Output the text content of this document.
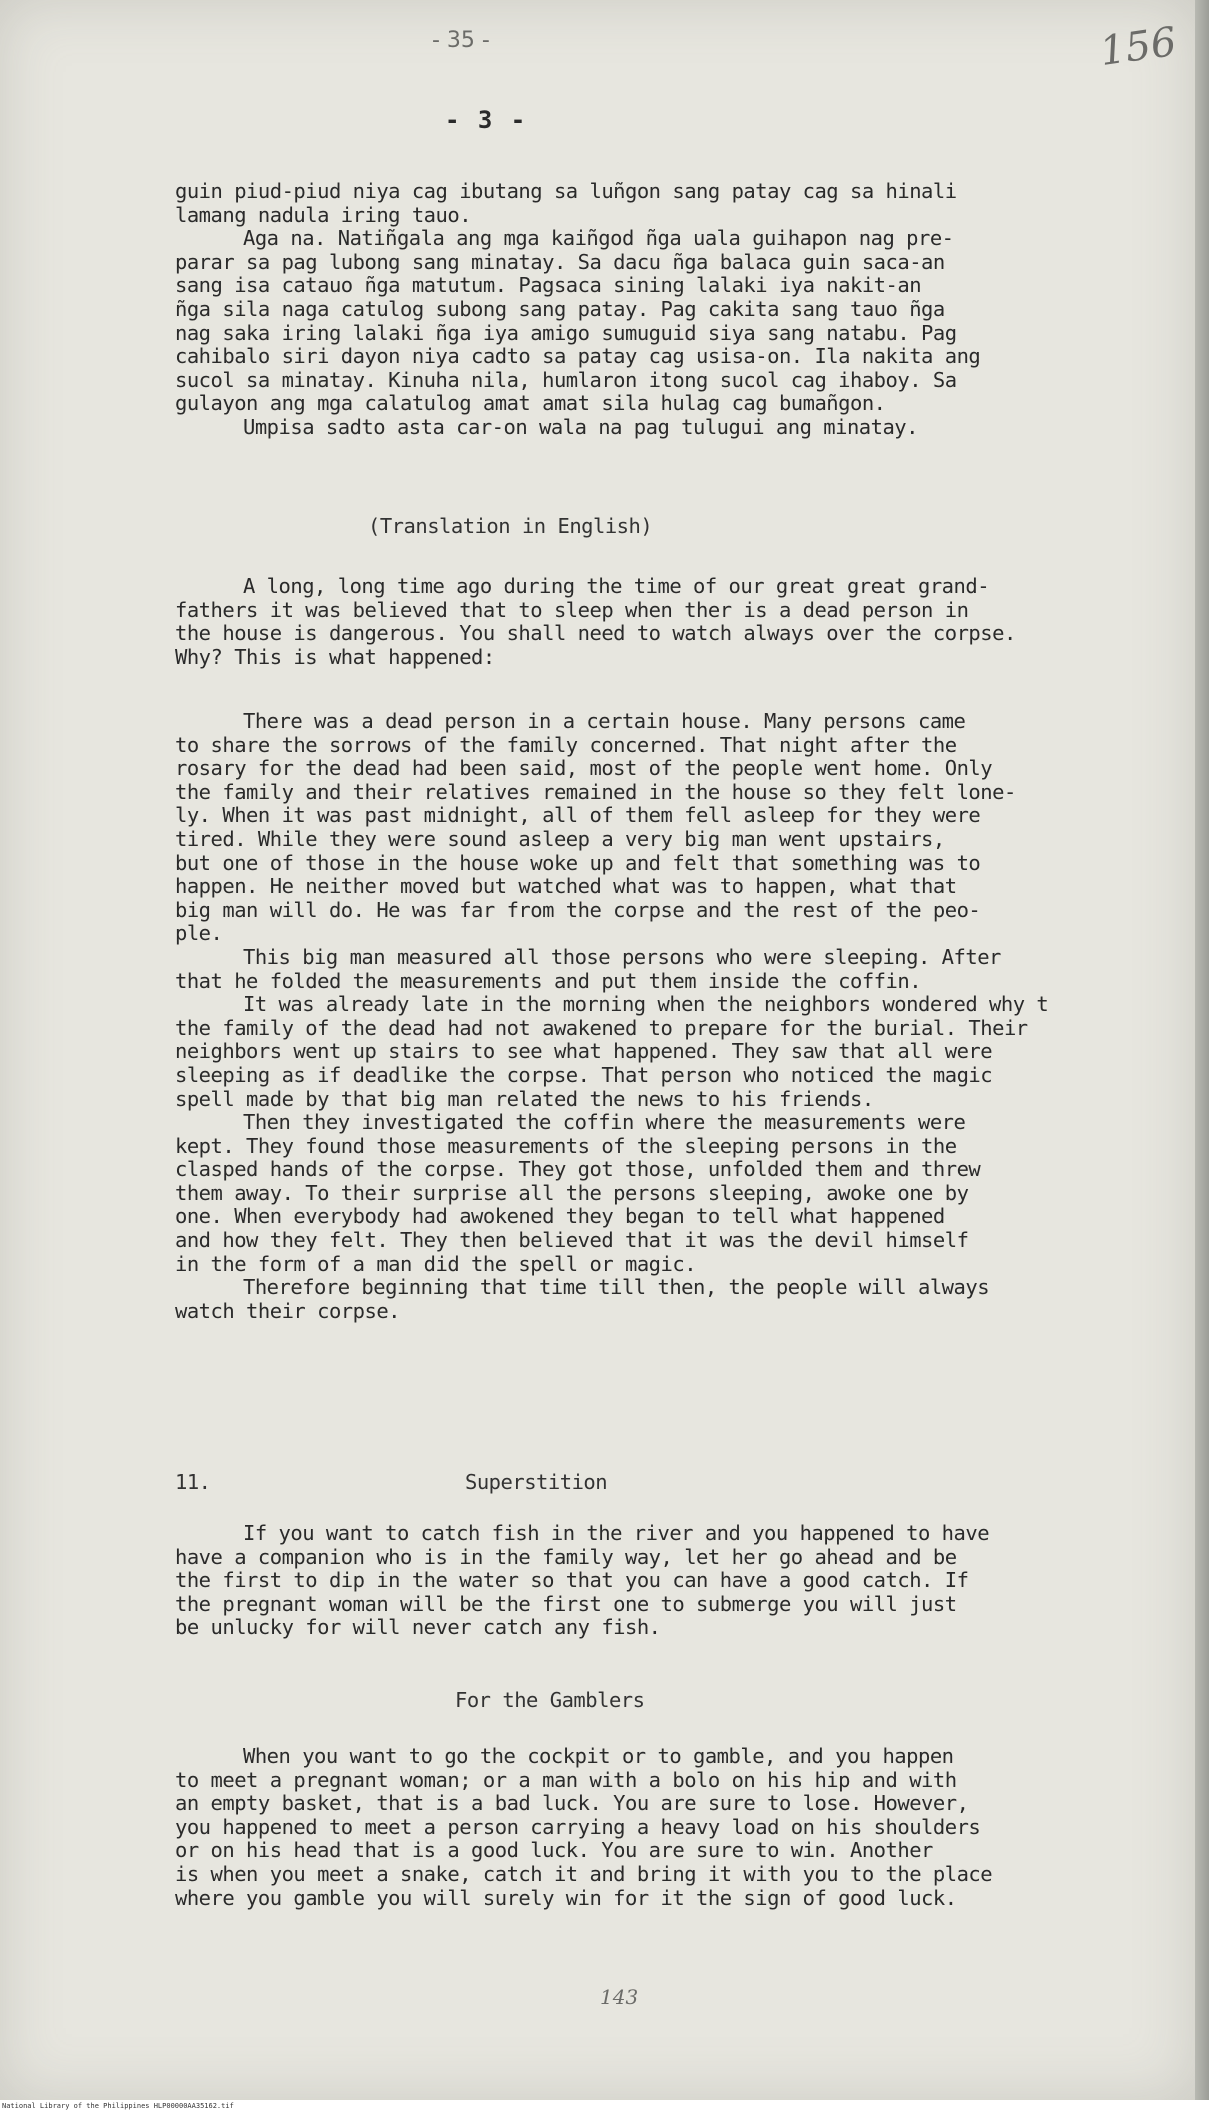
- 35 -	156
- 3 -
guin piud-piud niya cag ibutang sa luñgon sang patay cag sa hinali
lamang nadula iring tauo.
Aga na. Natiñgala ang mga kaiñgod ñga uala guihapon nag pre-
parar sa pag lubong sang minatay. Sa dacu ñga balaca guin saca-an
sang isa catauo ñga matutum. Pagsaca sining lalaki iya nakit-an
ñga sila naga catulog subong sang patay. Pag cakita sang tauo ñga
nag saka iring lalaki ñga iya amigo sumuguid siya sang natabu. Pag
cahibalo siri dayon niya cadto sa patay cag usisa-on. Ila nakita ang
sucol sa minatay. Kinuha nila, humlaron itong sucol cag ihaboy. Sa
gulayon ang mga calatulog amat amat sila hulag cag bumañgon.
Umpisa sadto asta car-on wala na pag tulugui ang minatay.
(Translation in English)
A long, long time ago during the time of our great great grand-
fathers it was believed that to sleep when ther is a dead person in
the house is dangerous. You shall need to watch always over the corpse.
Why? This is what happened:
There was a dead person in a certain house. Many persons came
to share the sorrows of the family concerned. That night after the
rosary for the dead had been said, most of the people went home. Only
the family and their relatives remained in the house so they felt lone-
ly. When it was past midnight, all of them fell asleep for they were
tired. While they were sound asleep a very big man went upstairs,
but one of those in the house woke up and felt that something was to
happen. He neither moved but watched what was to happen, what that
big man will do. He was far from the corpse and the rest of the peo-
ple.
This big man measured all those persons who were sleeping. After
that he folded the measurements and put them inside the coffin.
It was already late in the morning when the neighbors wondered why t
the family of the dead had not awakened to prepare for the burial. Their
neighbors went up stairs to see what happened. They saw that all were
sleeping as if deadlike the corpse. That person who noticed the magic
spell made by that big man related the news to his friends.
Then they investigated the coffin where the measurements were
kept. They found those measurements of the sleeping persons in the
clasped hands of the corpse. They got those, unfolded them and threw
them away. To their surprise all the persons sleeping, awoke one by
one. When everybody had awokened they began to tell what happened
and how they felt. They then believed that it was the devil himself
in the form of a man did the spell or magic.
Therefore beginning that time till then, the people will always
watch their corpse.
11.	Superstition
If you want to catch fish in the river and you happened to have
have a companion who is in the family way, let her go ahead and be
the first to dip in the water so that you can have a good catch. If
the pregnant woman will be the first one to submerge you will just
be unlucky for will never catch any fish.
For the Gamblers
When you want to go the cockpit or to gamble, and you happen
to meet a pregnant woman; or a man with a bolo on his hip and with
an empty basket, that is a bad luck. You are sure to lose. However,
you happened to meet a person carrying a heavy load on his shoulders
or on his head that is a good luck. You are sure to win. Another
is when you meet a snake, catch it and bring it with you to the place
where you gamble you will surely win for it the sign of good luck.
143
National Library of the Philippines HLP00000AA35162.tif
